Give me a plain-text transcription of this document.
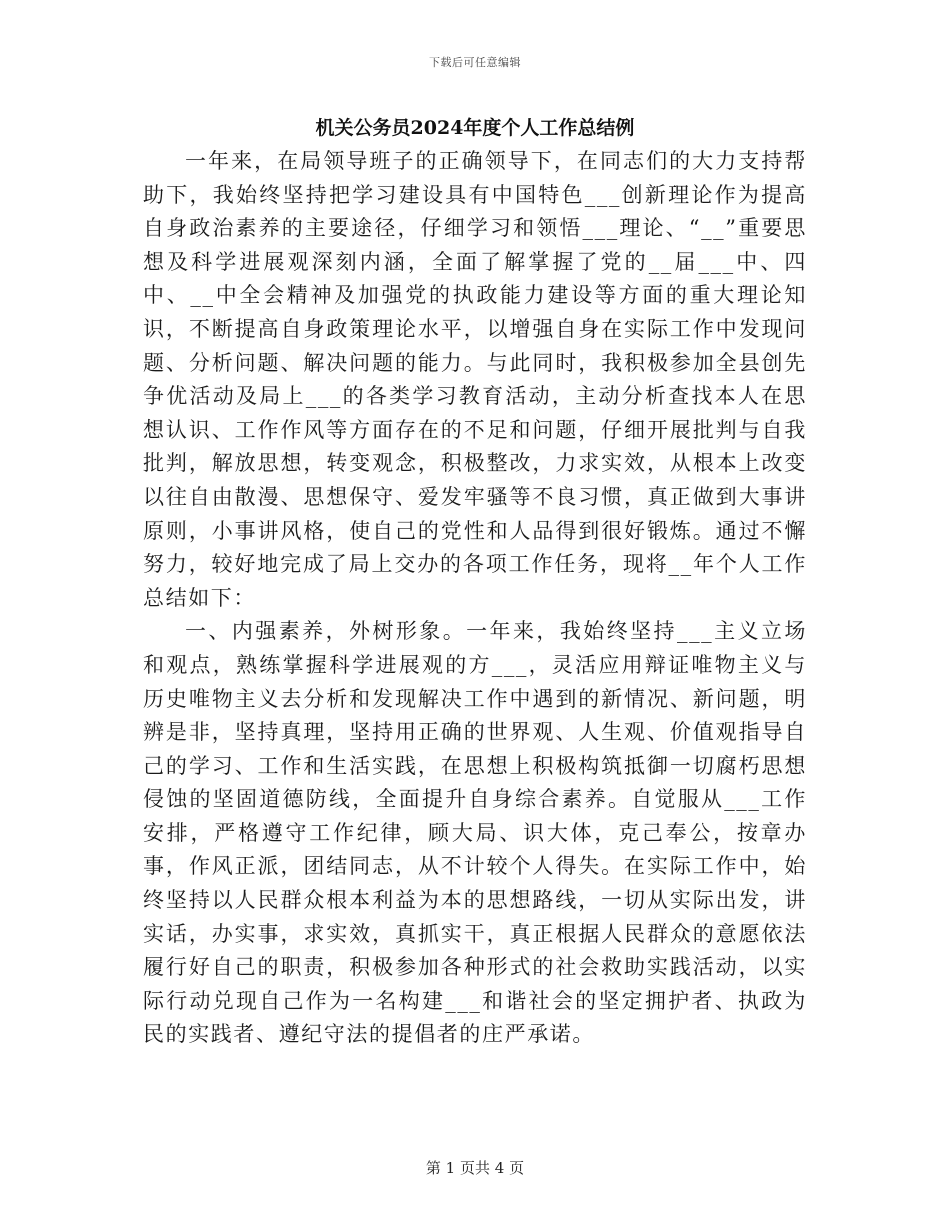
下载后可任意编辑
机关公务员2024年度个人工作总结例

一年来，在局领导班子的正确领导下，在同志们的大力支持帮助下，我始终坚持把学习建设具有中国特色___创新理论作为提高自身政治素养的主要途径，仔细学习和领悟___理论、“__”重要思想及科学进展观深刻内涵，全面了解掌握了党的__届___中、四中、__中全会精神及加强党的执政能力建设等方面的重大理论知识，不断提高自身政策理论水平，以增强自身在实际工作中发现问题、分析问题、解决问题的能力。与此同时，我积极参加全县创先争优活动及局上___的各类学习教育活动，主动分析查找本人在思想认识、工作作风等方面存在的不足和问题，仔细开展批判与自我批判，解放思想，转变观念，积极整改，力求实效，从根本上改变以往自由散漫、思想保守、爱发牢骚等不良习惯，真正做到大事讲原则，小事讲风格，使自己的党性和人品得到很好锻炼。通过不懈努力，较好地完成了局上交办的各项工作任务，现将__年个人工作总结如下：

一、内强素养，外树形象。一年来，我始终坚持___主义立场和观点，熟练掌握科学进展观的方___，灵活应用辩证唯物主义与历史唯物主义去分析和发现解决工作中遇到的新情况、新问题，明辨是非，坚持真理，坚持用正确的世界观、人生观、价值观指导自己的学习、工作和生活实践，在思想上积极构筑抵御一切腐朽思想侵蚀的坚固道德防线，全面提升自身综合素养。自觉服从___工作安排，严格遵守工作纪律，顾大局、识大体，克己奉公，按章办事，作风正派，团结同志，从不计较个人得失。在实际工作中，始终坚持以人民群众根本利益为本的思想路线，一切从实际出发，讲实话，办实事，求实效，真抓实干，真正根据人民群众的意愿依法履行好自己的职责，积极参加各种形式的社会救助实践活动，以实际行动兑现自己作为一名构建___和谐社会的坚定拥护者、执政为民的实践者、遵纪守法的提倡者的庄严承诺。

第 1 页共 4 页
